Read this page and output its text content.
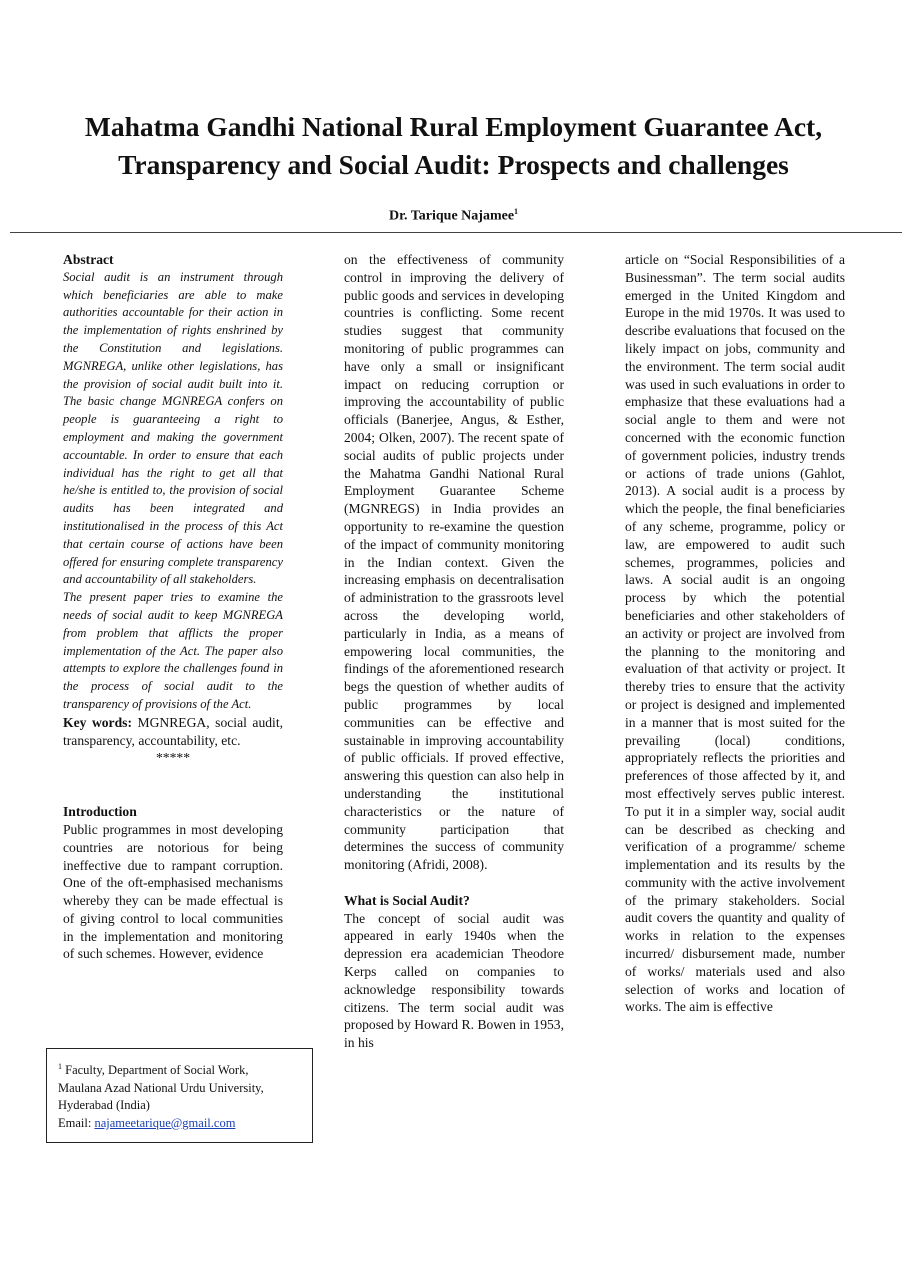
Mahatma Gandhi National Rural Employment Guarantee Act,
Transparency and Social Audit: Prospects and challenges
Dr. Tarique Najamee$^1$

Abstract

Social audit is an instrument through which beneficiaries are able to make authorities accountable for their action in the implementation of rights enshrined by the Constitution and legislations. MGNREGA, unlike other legislations, has the provision of social audit built into it. The basic change MGNREGA confers on people is guaranteeing a right to employment and making the government accountable. In order to ensure that each individual has the right to get all that he/she is entitled to, the provision of social audits has been integrated and institutionalised in the process of this Act that certain course of actions have been offered for ensuring complete transparency and accountability of all stakeholders.

The present paper tries to examine the needs of social audit to keep MGNREGA from problem that afflicts the proper implementation of the Act. The paper also attempts to explore the challenges found in the process of social audit to the transparency of provisions of the Act.

Key words: MGNREGA, social audit, transparency, accountability, etc.

*****

Introduction

Public programmes in most developing countries are notorious for being ineffective due to rampant corruption. One of the oft-emphasised mechanisms whereby they can be made effectual is of giving control to local communities in the implementation and monitoring of such schemes. However, evidence

on the effectiveness of community control in improving the delivery of public goods and services in developing countries is conflicting. Some recent studies suggest that community monitoring of public programmes can have only a small or insignificant impact on reducing corruption or improving the accountability of public officials (Banerjee, Angus, & Esther, 2004; Olken, 2007). The recent spate of social audits of public projects under the Mahatma Gandhi National Rural Employment Guarantee Scheme (MGNREGS) in India provides an opportunity to re-examine the question of the impact of community monitoring in the Indian context. Given the increasing emphasis on decentralisation of administration to the grassroots level across the developing world, particularly in India, as a means of empowering local communities, the findings of the aforementioned research begs the question of whether audits of public programmes by local communities can be effective and sustainable in improving accountability of public officials. If proved effective, answering this question can also help in understanding the institutional characteristics or the nature of community participation that determines the success of community monitoring (Afridi, 2008).

What is Social Audit?

The concept of social audit was appeared in early 1940s when the depression era academician Theodore Kerps called on companies to acknowledge responsibility towards citizens. The term social audit was proposed by Howard R. Bowen in 1953, in his

article on “Social Responsibilities of a Businessman”. The term social audits emerged in the United Kingdom and Europe in the mid 1970s. It was used to describe evaluations that focused on the likely impact on jobs, community and the environment. The term social audit was used in such evaluations in order to emphasize that these evaluations had a social angle to them and were not concerned with the economic function of government policies, industry trends or actions of trade unions (Gahlot, 2013). A social audit is a process by which the people, the final beneficiaries of any scheme, programme, policy or law, are empowered to audit such schemes, programmes, policies and laws. A social audit is an ongoing process by which the potential beneficiaries and other stakeholders of an activity or project are involved from the planning to the monitoring and evaluation of that activity or project. It thereby tries to ensure that the activity or project is designed and implemented in a manner that is most suited for the prevailing (local) conditions, appropriately reflects the priorities and preferences of those affected by it, and most effectively serves public interest. To put it in a simpler way, social audit can be described as checking and verification of a programme/ scheme implementation and its results by the community with the active involvement of the primary stakeholders. Social audit covers the quantity and quality of works in relation to the expenses incurred/ disbursement made, number of works/ materials used and also selection of works and location of works. The aim is effective

$^1$ Faculty, Department of Social Work,
Maulana Azad National Urdu University,
Hyderabad (India)
Email: najameetarique@gmail.com
